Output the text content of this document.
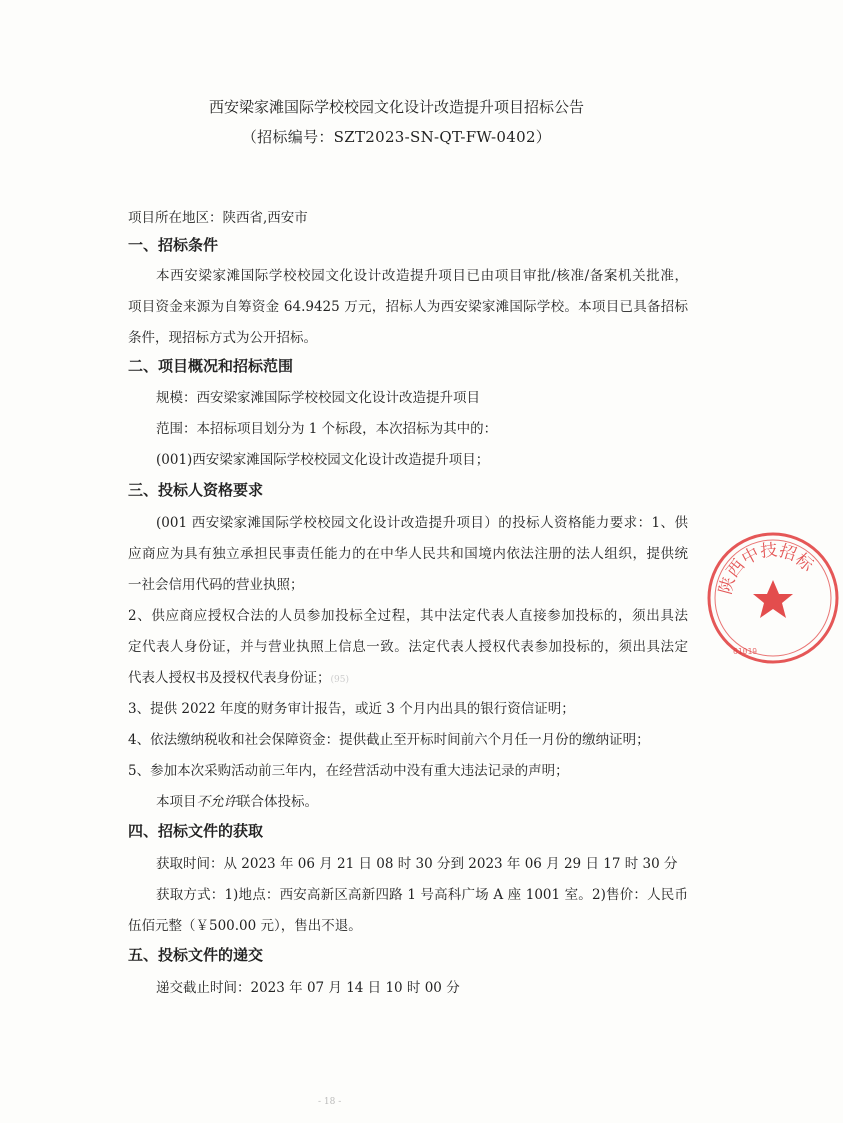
西安梁家滩国际学校校园文化设计改造提升项目招标公告
（招标编号：SZT2023-SN-QT-FW-0402）
项目所在地区：陕西省,西安市
一、招标条件
本西安梁家滩国际学校校园文化设计改造提升项目已由项目审批/核准/备案机关批准，
项目资金来源为自筹资金 64.9425 万元，招标人为西安梁家滩国际学校。本项目已具备招标
条件，现招标方式为公开招标。
二、项目概况和招标范围
规模：西安梁家滩国际学校校园文化设计改造提升项目
范围：本招标项目划分为 1 个标段，本次招标为其中的：
(001)西安梁家滩国际学校校园文化设计改造提升项目；
三、投标人资格要求
(001 西安梁家滩国际学校校园文化设计改造提升项目）的投标人资格能力要求：1、供
应商应为具有独立承担民事责任能力的在中华人民共和国境内依法注册的法人组织，提供统
一社会信用代码的营业执照；
2、供应商应授权合法的人员参加投标全过程，其中法定代表人直接参加投标的，须出具法
定代表人身份证，并与营业执照上信息一致。法定代表人授权代表参加投标的，须出具法定
代表人授权书及授权代表身份证；(95)
3、提供 2022 年度的财务审计报告，或近 3 个月内出具的银行资信证明；
4、依法缴纳税收和社会保障资金：提供截止至开标时间前六个月任一月份的缴纳证明；
5、参加本次采购活动前三年内，在经营活动中没有重大违法记录的声明；
本项目不允许联合体投标。
四、招标文件的获取
获取时间：从 2023 年 06 月 21 日 08 时 30 分到 2023 年 06 月 29 日 17 时 30 分
获取方式：1)地点：西安高新区高新四路 1 号高科广场 A 座 1001 室。2)售价：人民币
伍佰元整（￥500.00 元），售出不退。
五、投标文件的递交
递交截止时间：2023 年 07 月 14 日 10 时 00 分
陕西中技招标
61019
- 18 -
